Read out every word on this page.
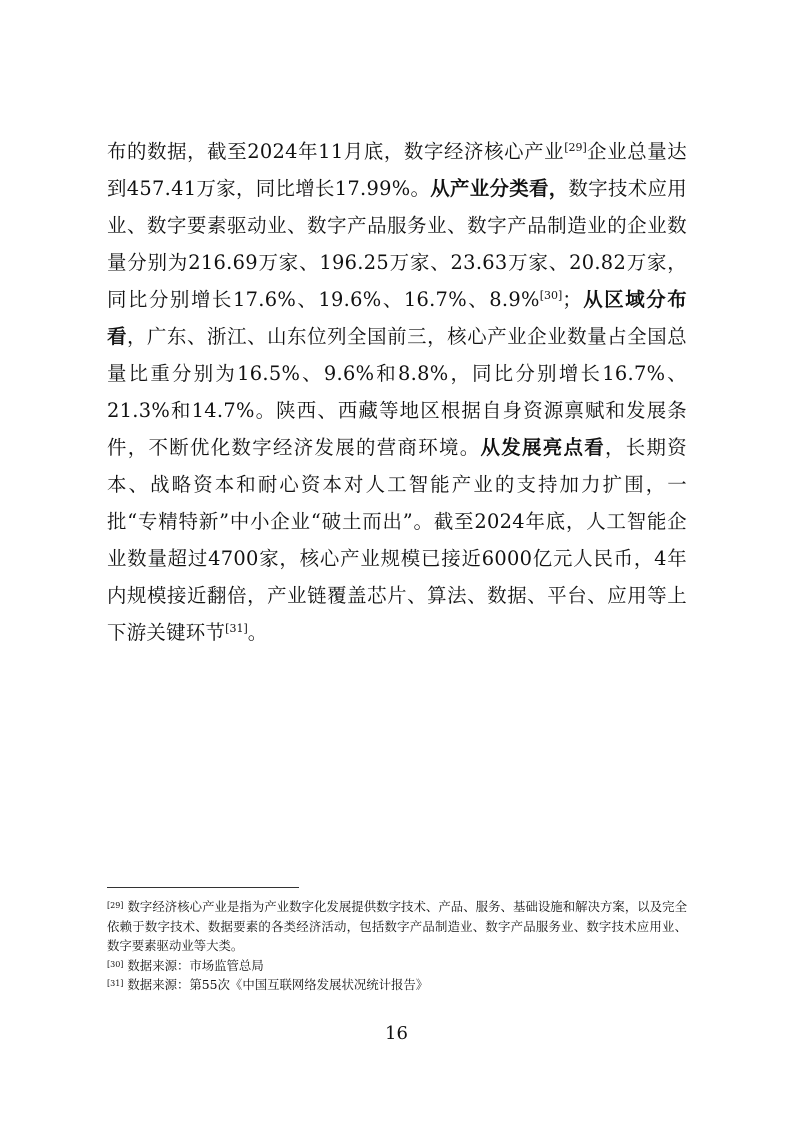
布的数据，截至2024年11月底，数字经济核心产业[29]企业总量达到457.41万家，同比增长17.99%。从产业分类看，数字技术应用业、数字要素驱动业、数字产品服务业、数字产品制造业的企业数量分别为216.69万家、196.25万家、23.63万家、20.82万家，同比分别增长17.6%、19.6%、16.7%、8.9%[30]；从区域分布看，广东、浙江、山东位列全国前三，核心产业企业数量占全国总量比重分别为16.5%、9.6%和8.8%，同比分别增长16.7%、21.3%和14.7%。陕西、西藏等地区根据自身资源禀赋和发展条件，不断优化数字经济发展的营商环境。从发展亮点看，长期资本、战略资本和耐心资本对人工智能产业的支持加力扩围，一批“专精特新”中小企业“破土而出”。截至2024年底，人工智能企业数量超过4700家，核心产业规模已接近6000亿元人民币，4年内规模接近翻倍，产业链覆盖芯片、算法、数据、平台、应用等上下游关键环节[31]。

[29] 数字经济核心产业是指为产业数字化发展提供数字技术、产品、服务、基础设施和解决方案，以及完全依赖于数字技术、数据要素的各类经济活动，包括数字产品制造业、数字产品服务业、数字技术应用业、数字要素驱动业等大类。

[30] 数据来源：市场监管总局

[31] 数据来源：第55次《中国互联网络发展状况统计报告》

16
